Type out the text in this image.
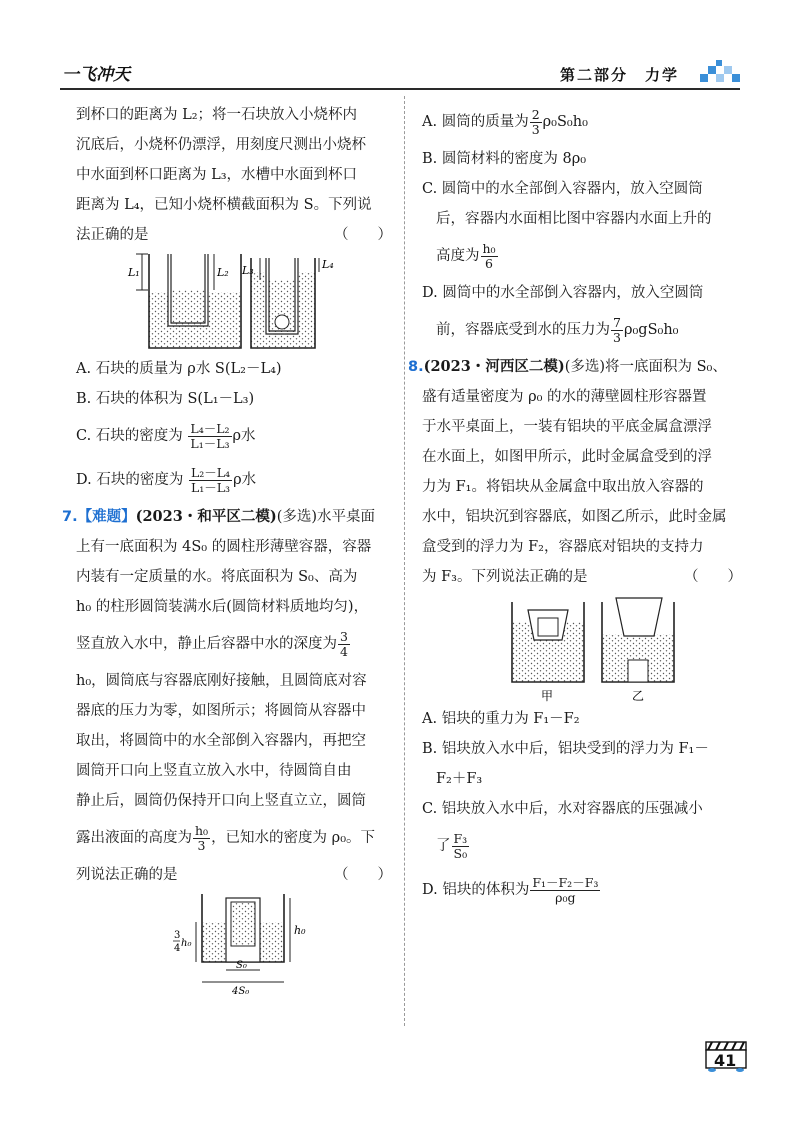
一飞冲天	第二部分　力学
到杯口的距离为 L₂；将一石块放入小烧杯内
沉底后，小烧杯仍漂浮，用刻度尺测出小烧杯
中水面到杯口距离为 L₃，水槽中水面到杯口
距离为 L₄，已知小烧杯横截面积为 S。下列说
法正确的是	（　　）
L₁	L₂ L₃	L₄
A. 石块的质量为 ρ水 S(L₂－L₄)
B. 石块的体积为 S(L₁－L₃)
C. 石块的密度为 $\frac{\text{L₄－L₂}}{\text{L₁－L₃}}$ ρ水
D. 石块的密度为 $\frac{\text{L₂－L₄}}{\text{L₁－L₃}}$ ρ水
7.【难题】(2023・和平区二模)(多选)水平桌面
上有一底面积为 4S₀ 的圆柱形薄壁容器，容器
内装有一定质量的水。将底面积为 S₀、高为
h₀ 的柱形圆筒装满水后(圆筒材料质地均匀)，
竖直放入水中，静止后容器中水的深度为 $\frac{3}{4}$
h₀，圆筒底与容器底刚好接触，且圆筒底对容
器底的压力为零，如图所示；将圆筒从容器中
取出，将圆筒中的水全部倒入容器内，再把空
圆筒开口向上竖直立放入水中，待圆筒自由
静止后，圆筒仍保持开口向上竖直立立，圆筒
露出液面的高度为 $\frac{\text{h₀}}{3}$ ，已知水的密度为 ρ₀。下
列说法正确的是	（　　）
3
4 h₀
h₀
S₀
4S₀
A. 圆筒的质量为 $\frac{2}{3} \rho_0S_0h_0$
B. 圆筒材料的密度为 8ρ₀
C. 圆筒中的水全部倒入容器内，放入空圆筒
后，容器内水面相比图中容器内水面上升的
高度为 $\frac{\text{h₀}}{6}$
D. 圆筒中的水全部倒入容器内，放入空圆筒
前，容器底受到水的压力为 $\frac{7}{3} \rho_0gS_0h_0$
8.(2023・河西区二模)(多选)将一底面积为 S₀、
盛有适量密度为 ρ₀ 的水的薄壁圆柱形容器置
于水平桌面上，一装有铝块的平底金属盒漂浮
在水面上，如图甲所示，此时金属盒受到的浮
力为 F₁。将铝块从金属盒中取出放入容器的
水中，铝块沉到容器底，如图乙所示，此时金属
盒受到的浮力为 F₂，容器底对铝块的支持力
为 F₃。下列说法正确的是	（　　）
甲	乙
A. 铝块的重力为 F₁－F₂
B. 铝块放入水中后，铝块受到的浮力为 F₁－
F₂＋F₃
C. 铝块放入水中后，水对容器底的压强减小
了 $\frac{\text{F₃}}{\text{S₀}}$
D. 铝块的体积为 $\frac{\text{F₁－F₂－F₃}}{\text{ρ₀g}}$
41
